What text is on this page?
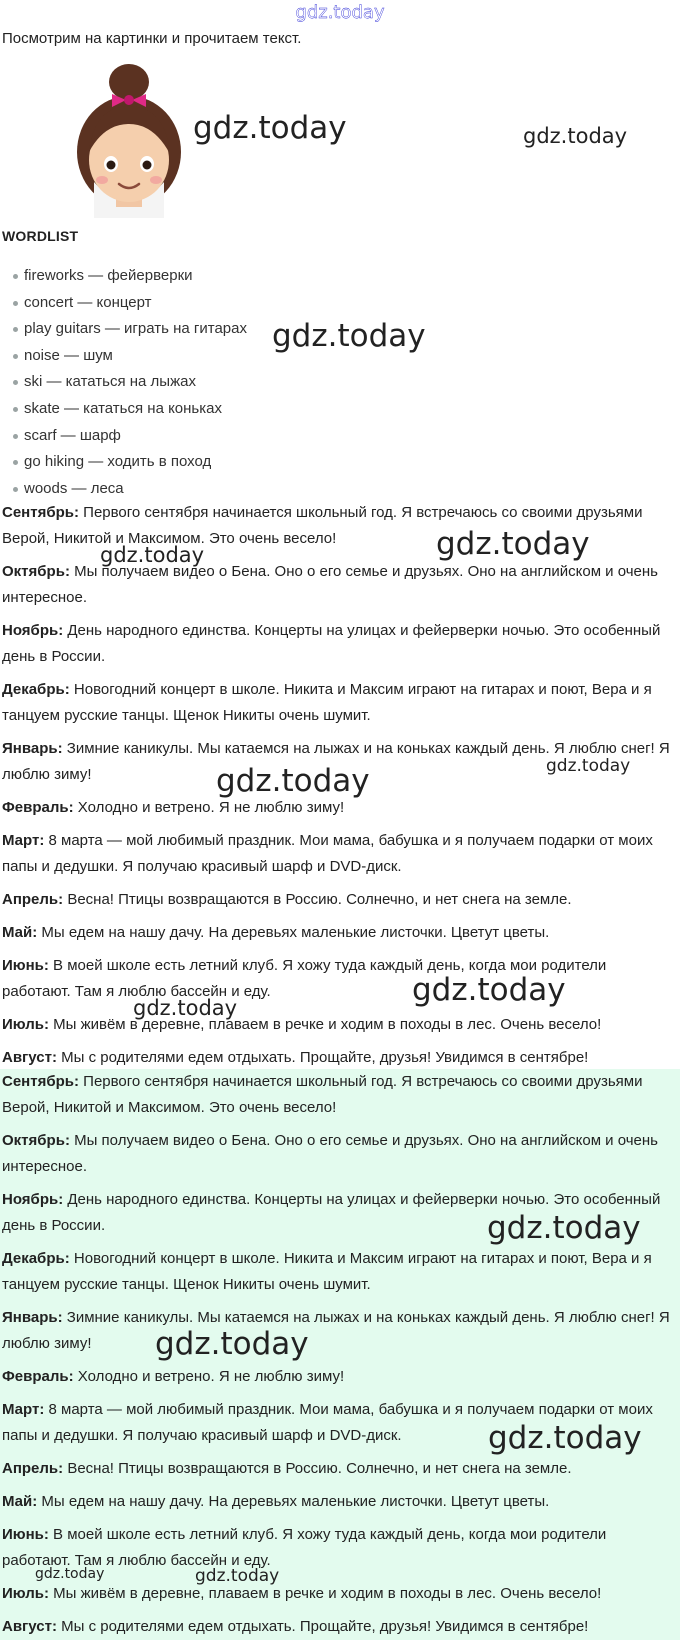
gdz.today
Посмотрим на картинки и прочитаем текст.
WORDLIST
fireworks — фейерверки
concert — концерт
play guitars — играть на гитарах
noise — шум
ski — кататься на лыжах
skate — кататься на коньках
scarf — шарф
go hiking — ходить в поход
woods — леса
Сентябрь: Первого сентября начинается школьный год. Я встречаюсь со своими друзьями Верой, Никитой и Максимом. Это очень весело!
Октябрь: Мы получаем видео о Бена. Оно о его семье и друзьях. Оно на английском и очень интересное.
Ноябрь: День народного единства. Концерты на улицах и фейерверки ночью. Это особенный день в России.
Декабрь: Новогодний концерт в школе. Никита и Максим играют на гитарах и поют, Вера и я танцуем русские танцы. Щенок Никиты очень шумит.
Январь: Зимние каникулы. Мы катаемся на лыжах и на коньках каждый день. Я люблю снег! Я люблю зиму!
Февраль: Холодно и ветрено. Я не люблю зиму!
Март: 8 марта — мой любимый праздник. Мои мама, бабушка и я получаем подарки от моих папы и дедушки. Я получаю красивый шарф и DVD-диск.
Апрель: Весна! Птицы возвращаются в Россию. Солнечно, и нет снега на земле.
Май: Мы едем на нашу дачу. На деревьях маленькие листочки. Цветут цветы.
Июнь: В моей школе есть летний клуб. Я хожу туда каждый день, когда мои родители работают. Там я люблю бассейн и еду.
Июль: Мы живём в деревне, плаваем в речке и ходим в походы в лес. Очень весело!
Август: Мы с родителями едем отдыхать. Прощайте, друзья! Увидимся в сентябре!
Сентябрь: Первого сентября начинается школьный год. Я встречаюсь со своими друзьями Верой, Никитой и Максимом. Это очень весело!
Октябрь: Мы получаем видео о Бена. Оно о его семье и друзьях. Оно на английском и очень интересное.
Ноябрь: День народного единства. Концерты на улицах и фейерверки ночью. Это особенный день в России.
Декабрь: Новогодний концерт в школе. Никита и Максим играют на гитарах и поют, Вера и я танцуем русские танцы. Щенок Никиты очень шумит.
Январь: Зимние каникулы. Мы катаемся на лыжах и на коньках каждый день. Я люблю снег! Я люблю зиму!
Февраль: Холодно и ветрено. Я не люблю зиму!
Март: 8 марта — мой любимый праздник. Мои мама, бабушка и я получаем подарки от моих папы и дедушки. Я получаю красивый шарф и DVD-диск.
Апрель: Весна! Птицы возвращаются в Россию. Солнечно, и нет снега на земле.
Май: Мы едем на нашу дачу. На деревьях маленькие листочки. Цветут цветы.
Июнь: В моей школе есть летний клуб. Я хожу туда каждый день, когда мои родители работают. Там я люблю бассейн и еду.
Июль: Мы живём в деревне, плаваем в речке и ходим в походы в лес. Очень весело!
Август: Мы с родителями едем отдыхать. Прощайте, друзья! Увидимся в сентябре!
gdz.today	gdz.today
gdz.today
gdz.today
gdz.today
gdz.today	gdz.today
gdz.today
gdz.today
gdz.today
gdz.today
gdz.today
gdz.today	gdz.today
